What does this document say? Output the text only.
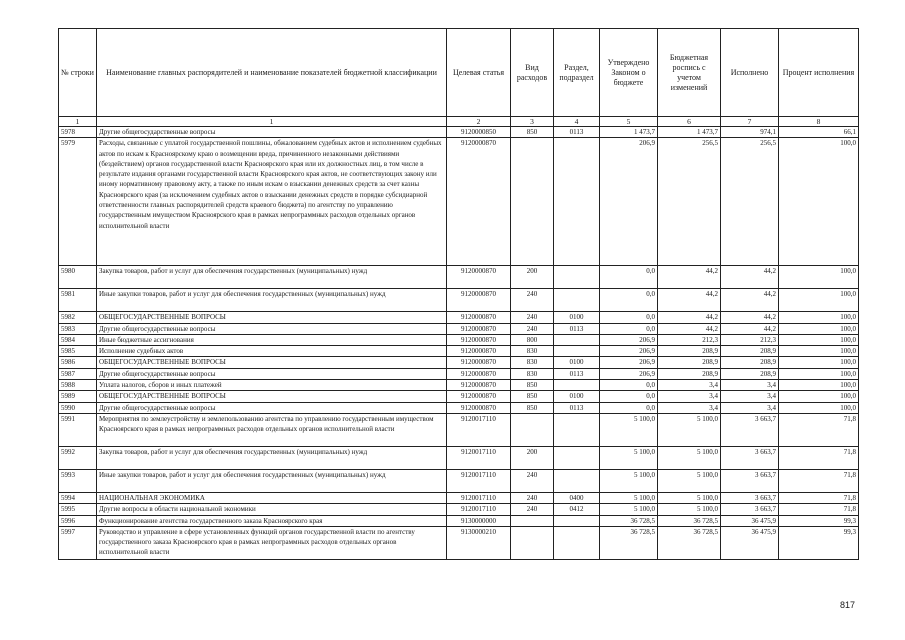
№ строки	Наименование главных распорядителей и наименование показателей бюджетной классификации	Целевая статья	Вид расходов	Раздел, подраздел	Утверждено Законом о бюджете	Бюджетная роспись с учетом изменений	Исполнено	Процент исполнения
1	1	2	3	4	5	6	7	8
5978	Другие общегосударственные вопросы	9120000850	850	0113	1 473,7	1 473,7	974,1	66,1
5979	Расходы, связанные с уплатой государственной пошлины, обжалованием судебных актов и исполнением судебных актов по искам к Красноярскому краю о возмещении вреда, причиненного незаконными действиями (бездействием) органов государственной власти Красноярского края или их должностных лиц, в том числе в результате издания органами государственной власти Красноярского края актов, не соответствующих закону или иному нормативному правовому акту, а также по иным искам о взыскании денежных средств за счет казны Красноярского края (за исключением судебных актов о взыскании денежных средств в порядке субсидиарной ответственности главных распорядителей средств краевого бюджета) по агентству по управлению государственным имуществом Красноярского края в рамках непрограммных расходов отдельных органов исполнительной власти	9120000870			206,9	256,5	256,5	100,0
5980	Закупка товаров, работ и услуг для обеспечения государственных (муниципальных) нужд	9120000870	200		0,0	44,2	44,2	100,0
5981	Иные закупки товаров, работ и услуг для обеспечения государственных (муниципальных) нужд	9120000870	240		0,0	44,2	44,2	100,0
5982	ОБЩЕГОСУДАРСТВЕННЫЕ ВОПРОСЫ	9120000870	240	0100	0,0	44,2	44,2	100,0
5983	Другие общегосударственные вопросы	9120000870	240	0113	0,0	44,2	44,2	100,0
5984	Иные бюджетные ассигнования	9120000870	800		206,9	212,3	212,3	100,0
5985	Исполнение судебных актов	9120000870	830		206,9	208,9	208,9	100,0
5986	ОБЩЕГОСУДАРСТВЕННЫЕ ВОПРОСЫ	9120000870	830	0100	206,9	208,9	208,9	100,0
5987	Другие общегосударственные вопросы	9120000870	830	0113	206,9	208,9	208,9	100,0
5988	Уплата налогов, сборов и иных платежей	9120000870	850		0,0	3,4	3,4	100,0
5989	ОБЩЕГОСУДАРСТВЕННЫЕ ВОПРОСЫ	9120000870	850	0100	0,0	3,4	3,4	100,0
5990	Другие общегосударственные вопросы	9120000870	850	0113	0,0	3,4	3,4	100,0
5991	Мероприятия по землеустройству и землепользованию агентства по управлению государственным имуществом Красноярского края в рамках непрограммных расходов отдельных органов исполнительной власти	9120017110			5 100,0	5 100,0	3 663,7	71,8
5992	Закупка товаров, работ и услуг для обеспечения государственных (муниципальных) нужд	9120017110	200		5 100,0	5 100,0	3 663,7	71,8
5993	Иные закупки товаров, работ и услуг для обеспечения государственных (муниципальных) нужд	9120017110	240		5 100,0	5 100,0	3 663,7	71,8
5994	НАЦИОНАЛЬНАЯ ЭКОНОМИКА	9120017110	240	0400	5 100,0	5 100,0	3 663,7	71,8
5995	Другие вопросы в области национальной экономики	9120017110	240	0412	5 100,0	5 100,0	3 663,7	71,8
5996	Функционирование агентства государственного заказа Красноярского края	9130000000			36 728,5	36 728,5	36 475,9	99,3
5997	Руководство и управление в сфере установленных функций органов государственной власти по агентству государственного заказа Красноярского края в рамках непрограммных расходов отдельных органов исполнительной власти	9130000210			36 728,5	36 728,5	36 475,9	99,3
817
